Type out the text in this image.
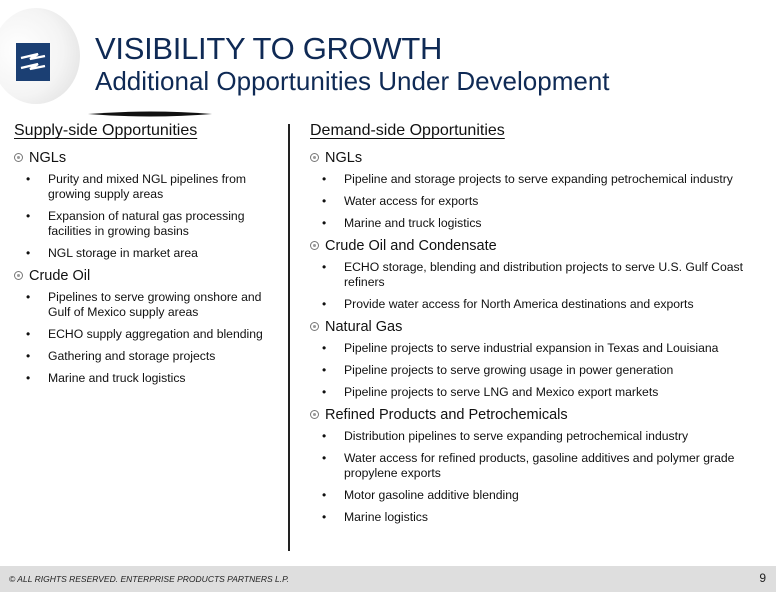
VISIBILITY TO GROWTH
Additional Opportunities Under Development
Supply-side Opportunities	Demand-side Opportunities
NGLs
•	Purity and mixed NGL pipelines from growing supply areas
•	Expansion of natural gas processing facilities in growing basins
•	NGL storage in market area
Crude Oil
•	Pipelines to serve growing onshore and Gulf of Mexico supply areas
•	ECHO supply aggregation and blending
•	Gathering and storage projects
•	Marine and truck logistics
NGLs
•	Pipeline and storage projects to serve expanding petrochemical industry
•	Water access for exports
•	Marine and truck logistics
Crude Oil and Condensate
•	ECHO storage, blending and distribution projects to serve U.S. Gulf Coast refiners
•	Provide water access for North America destinations and exports
Natural Gas
•	Pipeline projects to serve industrial expansion in Texas and Louisiana
•	Pipeline projects to serve growing usage in power generation
•	Pipeline projects to serve LNG and Mexico export markets
Refined Products and Petrochemicals
•	Distribution pipelines to serve expanding petrochemical industry
•	Water access for refined products, gasoline additives and polymer grade propylene exports
•	Motor gasoline additive blending
•	Marine logistics
© ALL RIGHTS RESERVED. ENTERPRISE PRODUCTS PARTNERS L.P.	9
